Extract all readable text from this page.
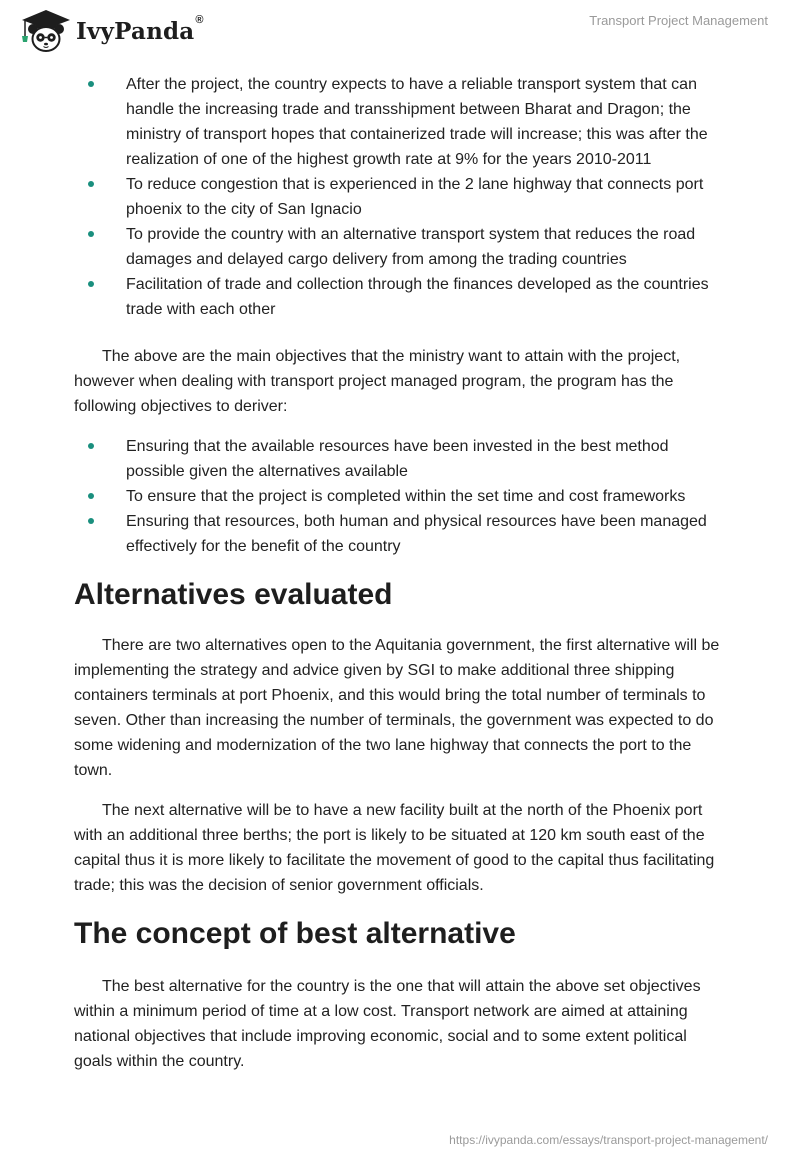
IvyPanda®	Transport Project Management
After the project, the country expects to have a reliable transport system that can handle the increasing trade and transshipment between Bharat and Dragon; the ministry of transport hopes that containerized trade will increase; this was after the realization of one of the highest growth rate at 9% for the years 2010-2011
To reduce congestion that is experienced in the 2 lane highway that connects port phoenix to the city of San Ignacio
To provide the country with an alternative transport system that reduces the road damages and delayed cargo delivery from among the trading countries
Facilitation of trade and collection through the finances developed as the countries trade with each other

The above are the main objectives that the ministry want to attain with the project, however when dealing with transport project managed program, the program has the following objectives to deriver:

Ensuring that the available resources have been invested in the best method possible given the alternatives available
To ensure that the project is completed within the set time and cost frameworks
Ensuring that resources, both human and physical resources have been managed effectively for the benefit of the country
Alternatives evaluated

There are two alternatives open to the Aquitania government, the first alternative will be implementing the strategy and advice given by SGI to make additional three shipping containers terminals at port Phoenix, and this would bring the total number of terminals to seven. Other than increasing the number of terminals, the government was expected to do some widening and modernization of the two lane highway that connects the port to the town.

The next alternative will be to have a new facility built at the north of the Phoenix port with an additional three berths; the port is likely to be situated at 120 km south east of the capital thus it is more likely to facilitate the movement of good to the capital thus facilitating trade; this was the decision of senior government officials.

The concept of best alternative

The best alternative for the country is the one that will attain the above set objectives within a minimum period of time at a low cost. Transport network are aimed at attaining national objectives that include improving economic, social and to some extent political goals within the country.

https://ivypanda.com/essays/transport-project-management/
